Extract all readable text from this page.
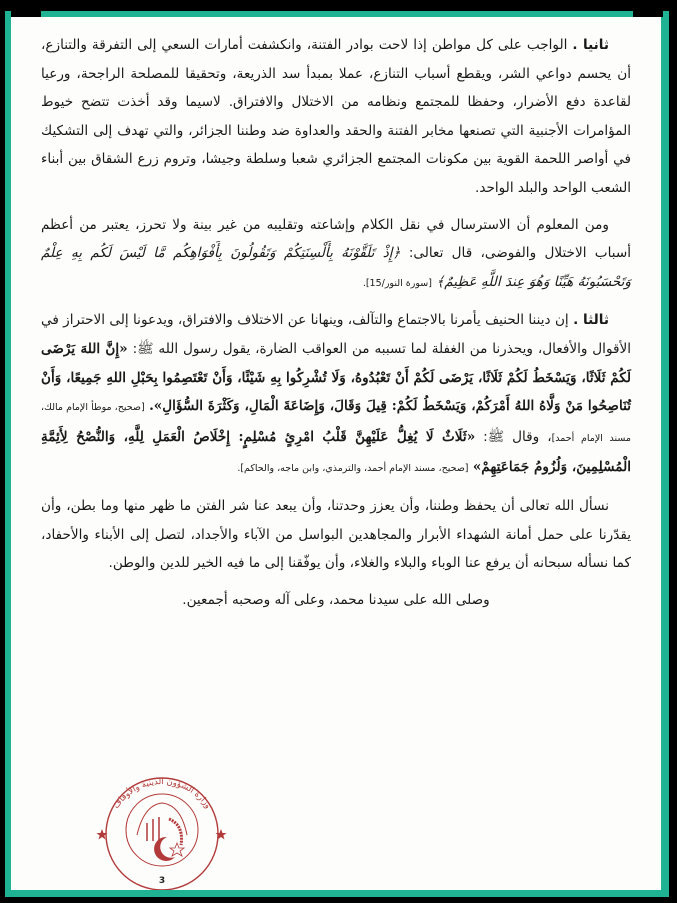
ثانيا . الواجب على كل مواطن إذا لاحت بوادر الفتنة، وانكشفت أمارات السعي إلى التفرقة والتنازع، أن يحسم دواعي الشر، ويقطع أسباب التنازع، عملا بمبدأ سد الذريعة، وتحقيقا للمصلحة الراجحة، ورعيا لقاعدة دفع الأضرار، وحفظا للمجتمع ونظامه من الاختلال والافتراق. لاسيما وقد أخذت تتضح خيوط المؤامرات الأجنبية التي تصنعها مخابر الفتنة والحقد والعداوة ضد وطننا الجزائر، والتي تهدف إلى التشكيك في أواصر اللحمة القوية بين مكونات المجتمع الجزائري شعبا وسلطة وجيشا، وتروم زرع الشقاق بين أبناء الشعب الواحد والبلد الواحد.

ومن المعلوم أن الاسترسال في نقل الكلام وإشاعته وتقليبه من غير بينة ولا تحرز، يعتبر من أعظم أسباب الاختلال والفوضى، قال تعالى: ﴿إِذْ تَلَقَّوْنَهُ بِأَلْسِنَتِكُمْ وَتَقُولُونَ بِأَفْوَاهِكُم مَّا لَيْسَ لَكُم بِهِ عِلْمٌ وَتَحْسَبُونَهُ هَيِّنًا وَهُوَ عِندَ اللَّهِ عَظِيمٌ﴾ [سورة النور/15].

ثالثا . إن ديننا الحنيف يأمرنا بالاجتماع والتآلف، وينهانا عن الاختلاف والافتراق، ويدعونا إلى الاحتراز في الأقوال والأفعال، ويحذرنا من الغفلة لما تسببه من العواقب الضارة، يقول رسول الله ﷺ: «إِنَّ اللهَ يَرْضَى لَكُمْ ثَلَاثًا، وَيَسْخَطُ لَكُمْ ثَلَاثًا، يَرْضَى لَكُمْ أَنْ تَعْبُدُوهُ، وَلَا تُشْرِكُوا بِهِ شَيْئًا، وَأَنْ تَعْتَصِمُوا بِحَبْلِ اللهِ جَمِيعًا، وَأَنْ تُنَاصِحُوا مَنْ وَلَّاهُ اللهُ أَمْرَكُمْ، وَيَسْخَطُ لَكُمْ: قِيلَ وَقَالَ، وَإِضَاعَةَ الْمَالِ، وَكَثْرَةَ السُّؤَالِ». [صحيح، موطأ الإمام مالك، مسند الإمام أحمد]، وقال ﷺ: «ثَلَاثٌ لَا يُغِلُّ عَلَيْهِنَّ قَلْبُ امْرِئٍ مُسْلِمٍ: إِخْلَاصُ الْعَمَلِ لِلَّهِ، وَالنُّصْحُ لِأَئِمَّةِ الْمُسْلِمِينَ، وَلُزُومُ جَمَاعَتِهِمْ» [صحيح، مسند الإمام أحمد، والترمذي، وابن ماجه، والحاكم].

نسأل الله تعالى أن يحفظ وطننا، وأن يعزز وحدتنا، وأن يبعد عنا شر الفتن ما ظهر منها وما بطن، وأن يقدّرنا على حمل أمانة الشهداء الأبرار والمجاهدين البواسل من الآباء والأجداد، لتصل إلى الأبناء والأحفاد، كما نسأله سبحانه أن يرفع عنا الوباء والبلاء والغلاء، وأن يوفّقنا إلى ما فيه الخير للدين والوطن.

وصلى الله على سيدنا محمد، وعلى آله وصحبه أجمعين.

وزارة الشؤون الدينية والأوقاف
3
